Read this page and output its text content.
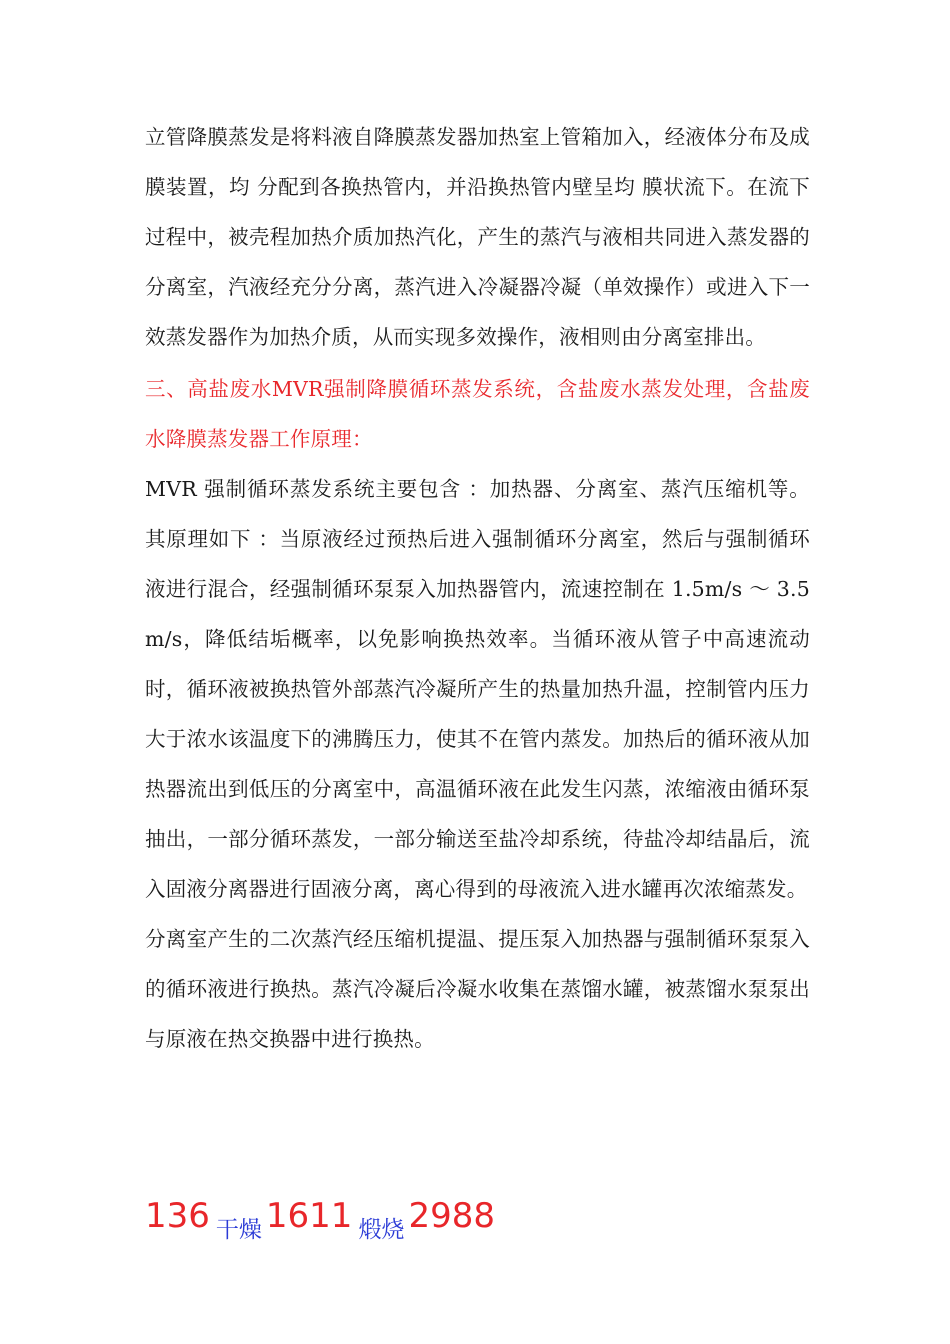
立管降膜蒸发是将料液自降膜蒸发器加热室上管箱加入，经液体分布及成膜装置，均 分配到各换热管内，并沿换热管内壁呈均 膜状流下。在流下过程中，被壳程加热介质加热汽化，产生的蒸汽与液相共同进入蒸发器的分离室，汽液经充分分离，蒸汽进入冷凝器冷凝（单效操作）或进入下一效蒸发器作为加热介质，从而实现多效操作，液相则由分离室排出。

三、高盐废水MVR强制降膜循环蒸发系统，含盐废水蒸发处理，含盐废水降膜蒸发器工作原理：

MVR 强制循环蒸发系统主要包含 ：加热器、分离室、蒸汽压缩机等。其原理如下 ：当原液经过预热后进入强制循环分离室，然后与强制循环液进行混合，经强制循环泵泵入加热器管内，流速控制在 1.5m/s ～ 3.5m/s，降低结垢概率，以免影响换热效率。当循环液从管子中高速流动时，循环液被换热管外部蒸汽冷凝所产生的热量加热升温，控制管内压力大于浓水该温度下的沸腾压力，使其不在管内蒸发。加热后的循环液从加热器流出到低压的分离室中，高温循环液在此发生闪蒸，浓缩液由循环泵抽出，一部分循环蒸发，一部分输送至盐冷却系统，待盐冷却结晶后，流入固液分离器进行固液分离，离心得到的母液流入进水罐再次浓缩蒸发。

分离室产生的二次蒸汽经压缩机提温、提压泵入加热器与强制循环泵泵入的循环液进行换热。蒸汽冷凝后冷凝水收集在蒸馏水罐，被蒸馏水泵泵出与原液在热交换器中进行换热。

136 干燥 1611 煅烧 2988
